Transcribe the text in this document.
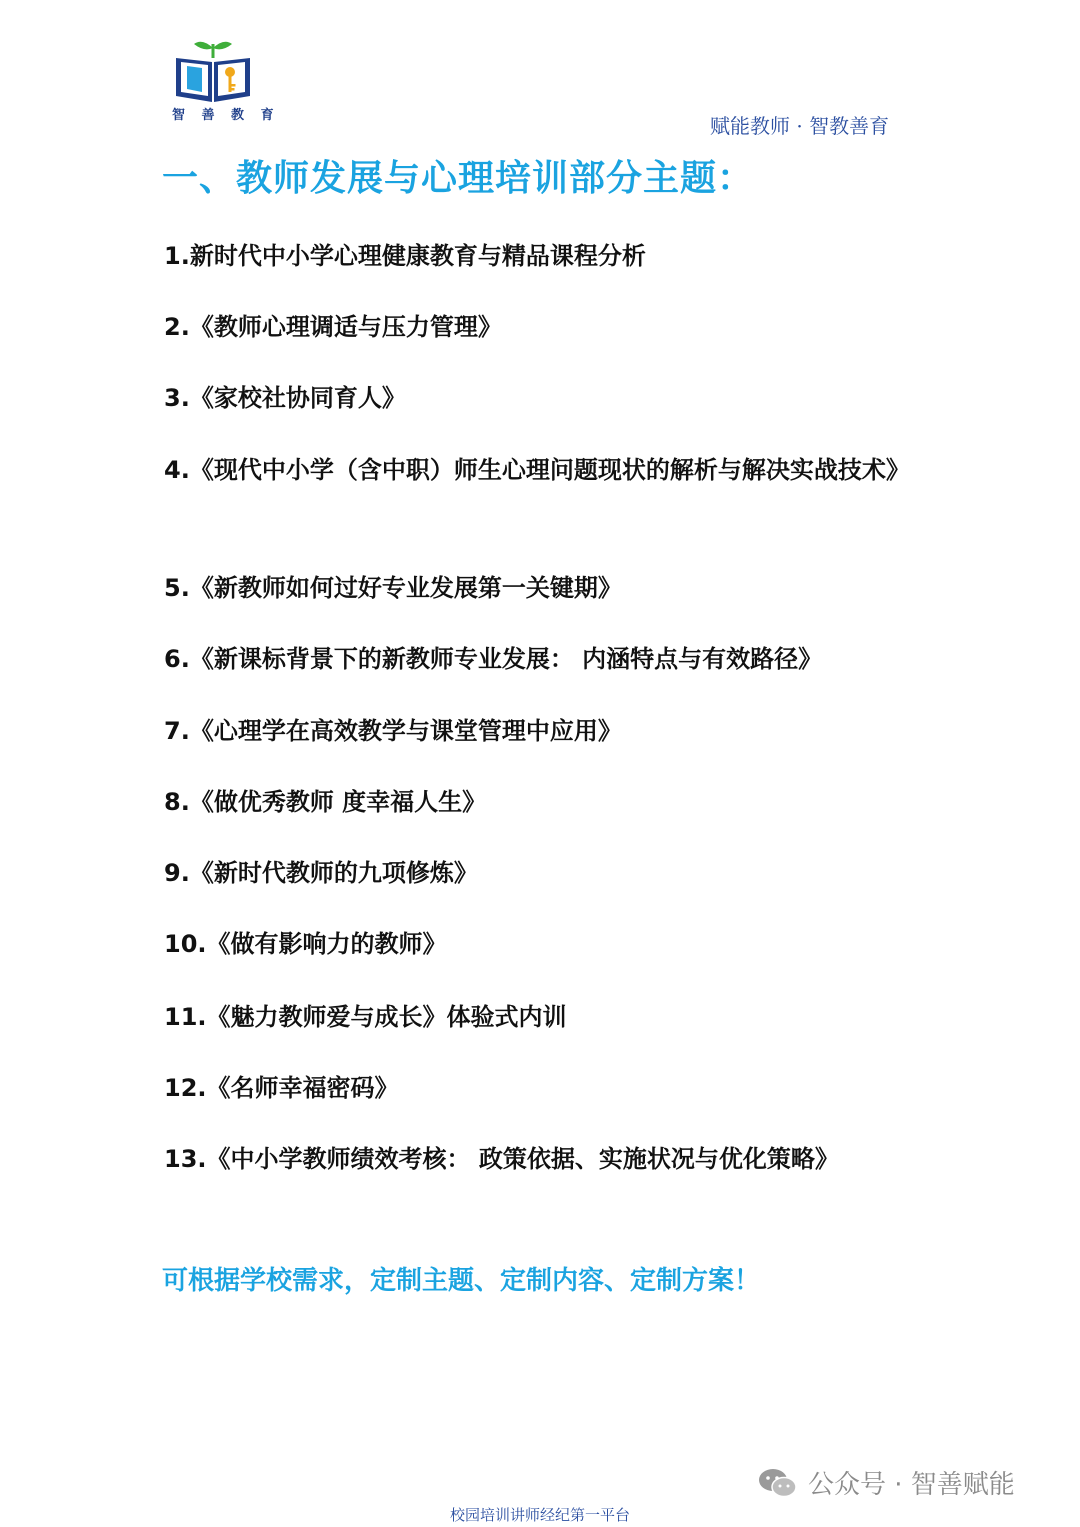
智 善 教 育	赋能教师 · 智教善育
一、教师发展与心理培训部分主题：
1.新时代中小学心理健康教育与精品课程分析
2.《教师心理调适与压力管理》
3.《家校社协同育人》
4.《现代中小学（含中职）师生心理问题现状的解析与解决实战技术》
5.《新教师如何过好专业发展第一关键期》
6.《新课标背景下的新教师专业发展： 内涵特点与有效路径》
7.《心理学在高效教学与课堂管理中应用》
8.《做优秀教师 度幸福人生》
9.《新时代教师的九项修炼》
10.《做有影响力的教师》
11.《魅力教师爱与成长》体验式内训
12.《名师幸福密码》
13.《中小学教师绩效考核： 政策依据、实施状况与优化策略》
可根据学校需求，定制主题、定制内容、定制方案！
公众号 · 智善赋能
校园培训讲师经纪第一平台
